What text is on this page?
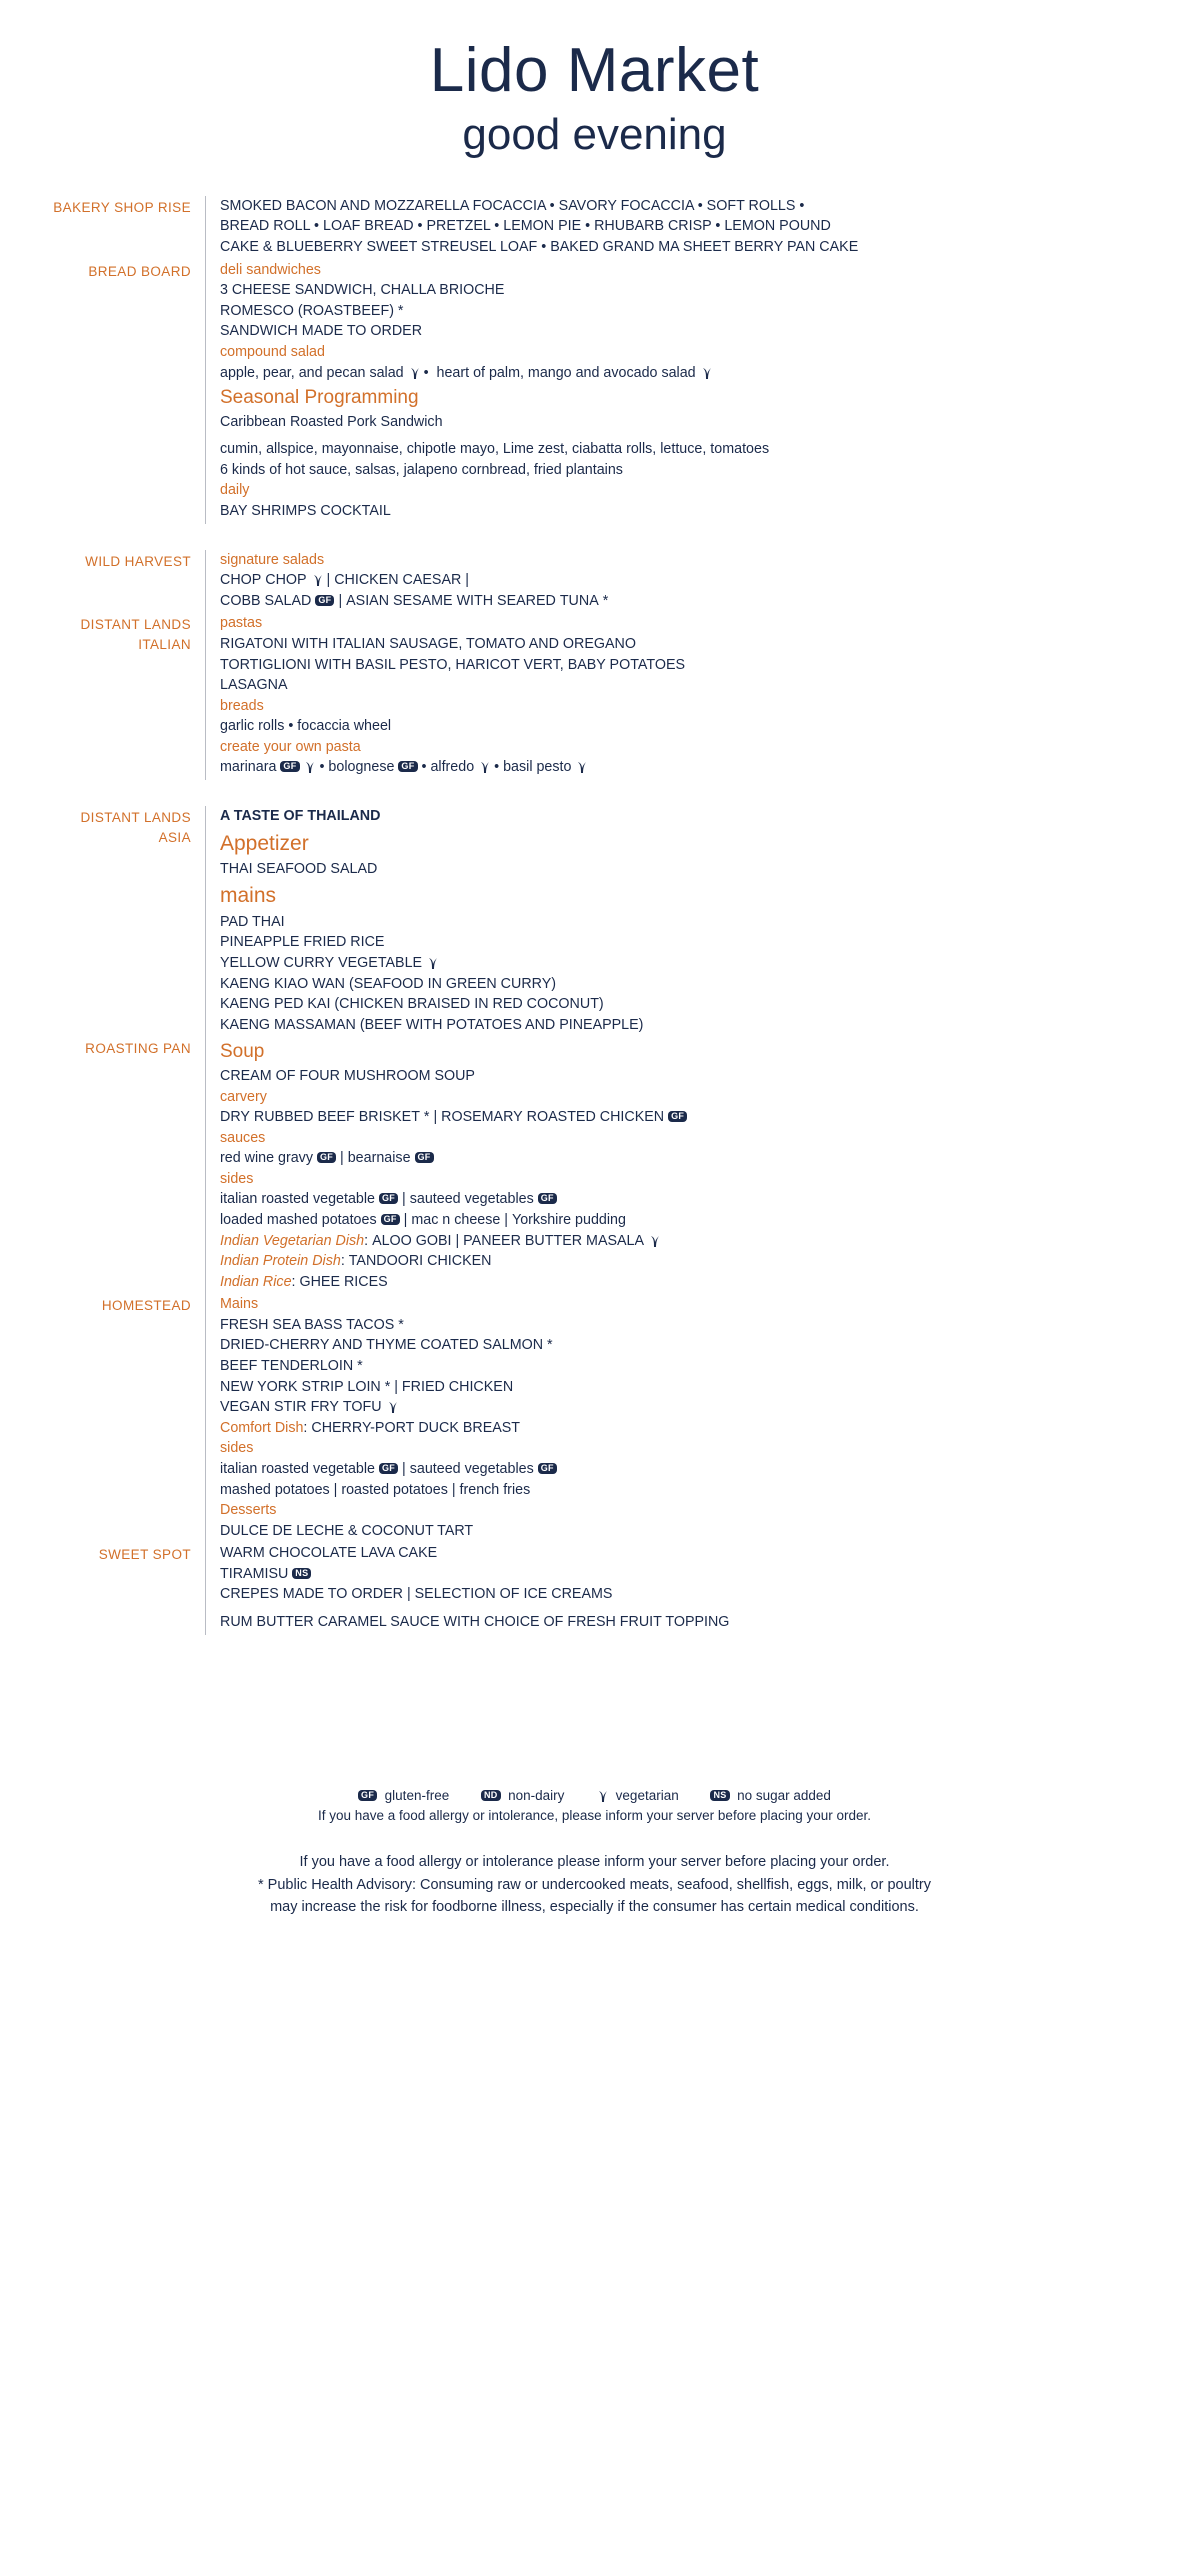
Lido Market
good evening
BAKERY SHOP RISE SMOKED BACON AND MOZZARELLA FOCACCIA • SAVORY FOCACCIA • SOFT ROLLS •
BREAD ROLL • LOAF BREAD • PRETZEL • LEMON PIE • RHUBARB CRISP • LEMON POUND
CAKE & BLUEBERRY SWEET STREUSEL LOAF • BAKED GRAND MA SHEET BERRY PAN CAKE
BREAD BOARD deli sandwiches
3 CHEESE SANDWICH, CHALLA BRIOCHE
ROMESCO (ROASTBEEF) *
SANDWICH MADE TO ORDER
compound salad
apple, pear, and pecan salad
•  heart of palm, mango and avocado salad
Seasonal Programming
Caribbean Roasted Pork Sandwich
cumin, allspice, mayonnaise, chipotle mayo, Lime zest, ciabatta rolls, lettuce, tomatoes
6 kinds of hot sauce, salsas, jalapeno cornbread, fried plantains
daily
BAY SHRIMPS COCKTAIL
WILD HARVEST signature salads
CHOP CHOP
| CHICKEN CAESAR |
COBB SALAD GF | ASIAN SESAME WITH SEARED TUNA *
DISTANT LANDS
ITALIAN
pastas
RIGATONI WITH ITALIAN SAUSAGE, TOMATO AND OREGANO
TORTIGLIONI WITH BASIL PESTO, HARICOT VERT, BABY POTATOES
LASAGNA
breads
garlic rolls • focaccia wheel
create your own pasta
marinara GF
• bolognese GF • alfredo
• basil pesto
DISTANT LANDS
ASIA
A TASTE OF THAILAND
Appetizer
THAI SEAFOOD SALAD
mains
PAD THAI
PINEAPPLE FRIED RICE
YELLOW CURRY VEGETABLE
KAENG KIAO WAN (SEAFOOD IN GREEN CURRY)
KAENG PED KAI (CHICKEN BRAISED IN RED COCONUT)
KAENG MASSAMAN (BEEF WITH POTATOES AND PINEAPPLE)
ROASTING PAN Soup
CREAM OF FOUR MUSHROOM SOUP
carvery
DRY RUBBED BEEF BRISKET * | ROSEMARY ROASTED CHICKEN GF
sauces
red wine gravy GF | bearnaise GF
sides
italian roasted vegetable GF | sauteed vegetables GF
loaded mashed potatoes GF | mac n cheese | Yorkshire pudding
Indian Vegetarian Dish: ALOO GOBI | PANEER BUTTER MASALA
Indian Protein Dish: TANDOORI CHICKEN
Indian Rice: GHEE RICES
HOMESTEAD Mains
FRESH SEA BASS TACOS *
DRIED-CHERRY AND THYME COATED SALMON *
BEEF TENDERLOIN *
NEW YORK STRIP LOIN * | FRIED CHICKEN
VEGAN STIR FRY TOFU
Comfort Dish: CHERRY-PORT DUCK BREAST
sides
italian roasted vegetable GF | sauteed vegetables GF
mashed potatoes | roasted potatoes | french fries
Desserts
DULCE DE LECHE & COCONUT TART
SWEET SPOT WARM CHOCOLATE LAVA CAKE
TIRAMISU NS
CREPES MADE TO ORDER | SELECTION OF ICE CREAMS
RUM BUTTER CARAMEL SAUCE WITH CHOICE OF FRESH FRUIT TOPPING
GF gluten-free	ND non-dairy	vegetarian	NS no sugar added
If you have a food allergy or intolerance, please inform your server before placing your order.
If you have a food allergy or intolerance please inform your server before placing your order.
* Public Health Advisory: Consuming raw or undercooked meats, seafood, shellfish, eggs, milk, or poultry
may increase the risk for foodborne illness, especially if the consumer has certain medical conditions.
